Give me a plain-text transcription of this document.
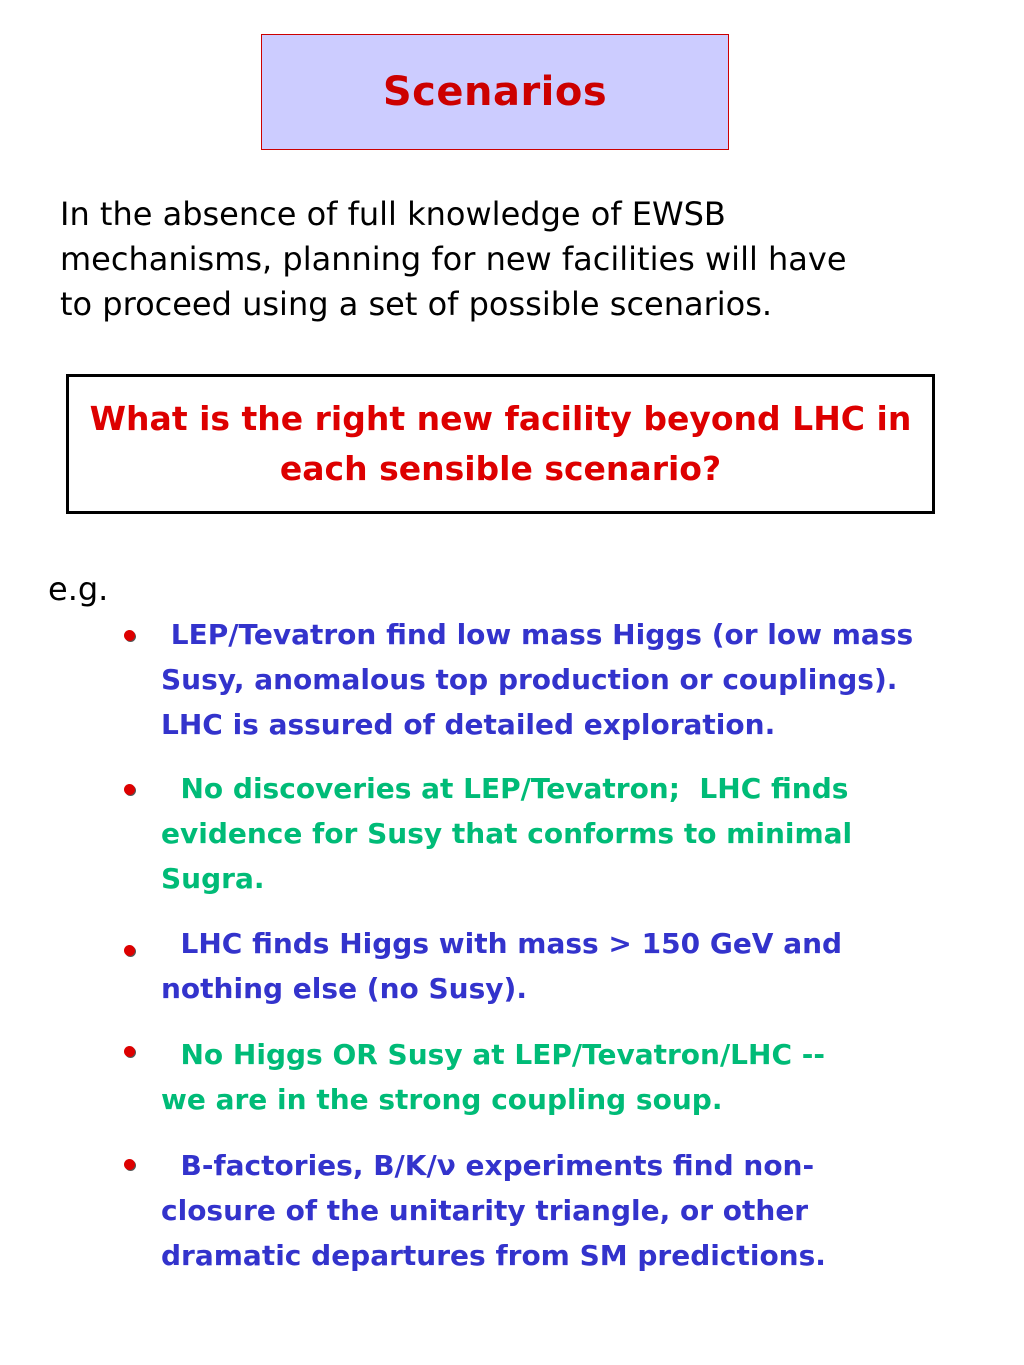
Scenarios

In the absence of full knowledge of EWSB
mechanisms, planning for new facilities will have
to proceed using a set of possible scenarios.

What is the right new facility beyond LHC in
each sensible scenario?

e.g.

LEP/Tevatron find low mass Higgs (or low mass
Susy, anomalous top production or couplings).
LHC is assured of detailed exploration.

No discoveries at LEP/Tevatron;  LHC finds
evidence for Susy that conforms to minimal
Sugra.

LHC finds Higgs with mass > 150 GeV and
nothing else (no Susy).

No Higgs OR Susy at LEP/Tevatron/LHC --
we are in the strong coupling soup.

B-factories, B/K/ν experiments find non-
closure of the unitarity triangle, or other
dramatic departures from SM predictions.
